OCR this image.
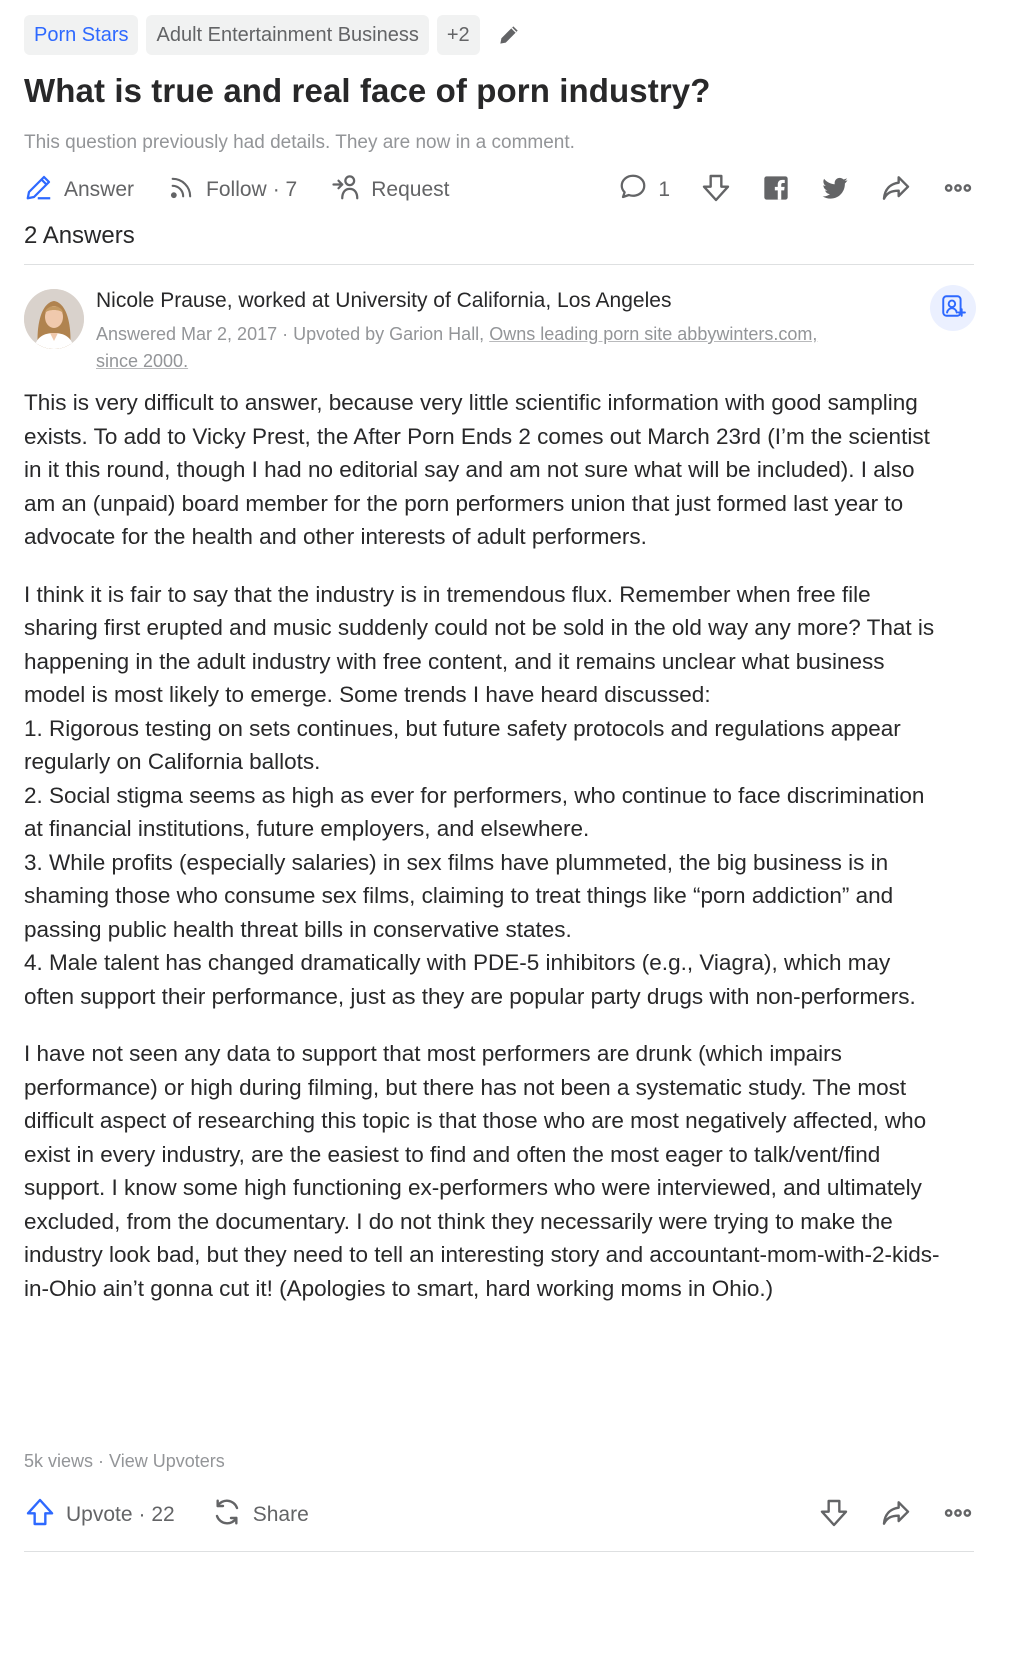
Porn Stars	Adult Entertainment Business	+2
What is true and real face of porn industry?
This question previously had details. They are now in a comment.
Answer	Follow · 7	Request	1
2 Answers
Nicole Prause, worked at University of California, Los Angeles
Answered Mar 2, 2017 · Upvoted by Garion Hall, Owns leading porn site abbywinters.com,
since 2000.

This is very difficult to answer, because very little scientific information with good sampling exists. To add to Vicky Prest, the After Porn Ends 2 comes out March 23rd (I’m the scientist in it this round, though I had no editorial say and am not sure what will be included). I also am an (unpaid) board member for the porn performers union that just formed last year to advocate for the health and other interests of adult performers.

I think it is fair to say that the industry is in tremendous flux. Remember when free file sharing first erupted and music suddenly could not be sold in the old way any more? That is happening in the adult industry with free content, and it remains unclear what business model is most likely to emerge. Some trends I have heard discussed:

1. Rigorous testing on sets continues, but future safety protocols and regulations appear regularly on California ballots.

2. Social stigma seems as high as ever for performers, who continue to face discrimination at financial institutions, future employers, and elsewhere.

3. While profits (especially salaries) in sex films have plummeted, the big business is in shaming those who consume sex films, claiming to treat things like “porn addiction” and passing public health threat bills in conservative states.

4. Male talent has changed dramatically with PDE-5 inhibitors (e.g., Viagra), which may often support their performance, just as they are popular party drugs with non-performers.

I have not seen any data to support that most performers are drunk (which impairs performance) or high during filming, but there has not been a systematic study. The most difficult aspect of researching this topic is that those who are most negatively affected, who exist in every industry, are the easiest to find and often the most eager to talk/vent/find support. I know some high functioning ex-performers who were interviewed, and ultimately excluded, from the documentary. I do not think they necessarily were trying to make the industry look bad, but they need to tell an interesting story and accountant-mom-with-2-kids-in-Ohio ain’t gonna cut it! (Apologies to smart, hard working moms in Ohio.)

5k views · View Upvoters
Upvote · 22	Share
